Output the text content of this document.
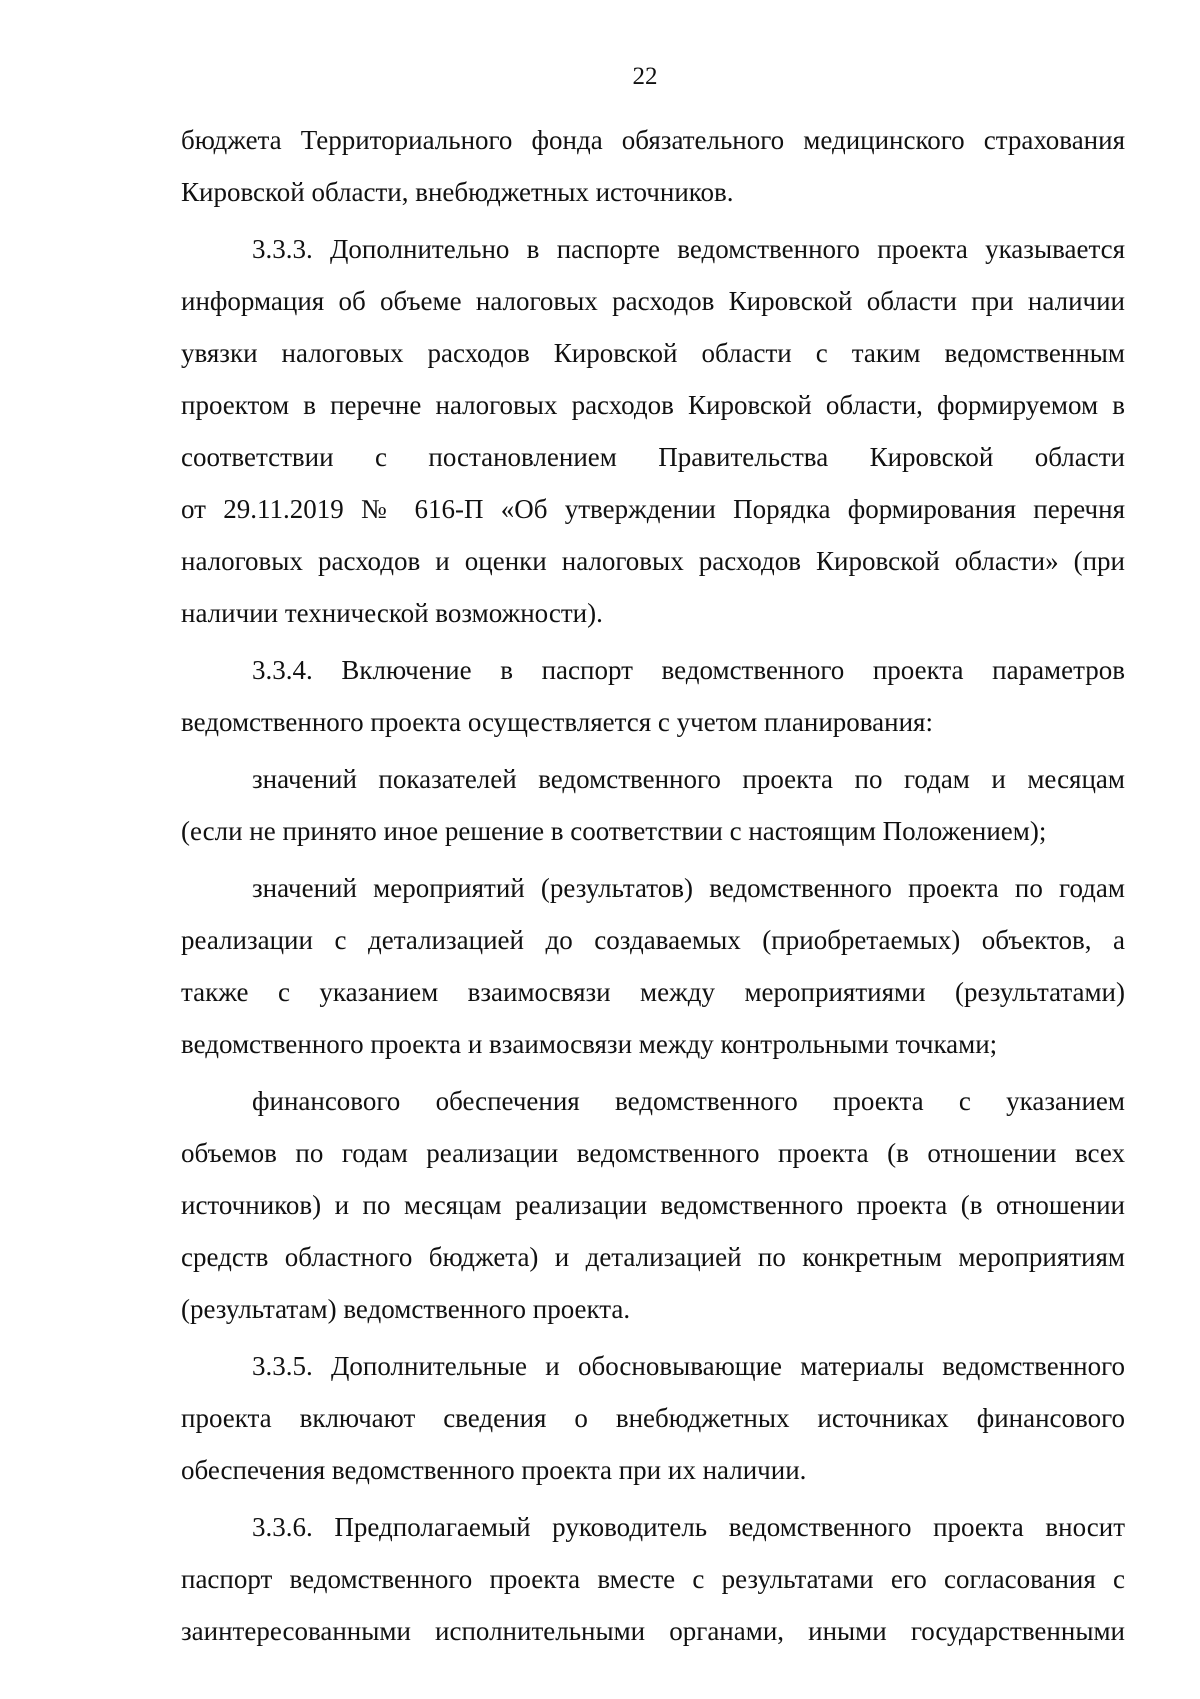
22
бюджета Территориального фонда обязательного медицинского страхования
Кировской области, внебюджетных источников.
3.3.3. Дополнительно в паспорте ведомственного проекта указывается
информация об объеме налоговых расходов Кировской области при наличии
увязки налоговых расходов Кировской области с таким ведомственным
проектом в перечне налоговых расходов Кировской области, формируемом в
соответствии с постановлением Правительства Кировской области
от 29.11.2019 № 616-П «Об утверждении Порядка формирования перечня
налоговых расходов и оценки налоговых расходов Кировской области» (при
наличии технической возможности).
3.3.4. Включение в паспорт ведомственного проекта параметров
ведомственного проекта осуществляется с учетом планирования:
значений показателей ведомственного проекта по годам и месяцам
(если не принято иное решение в соответствии с настоящим Положением);
значений мероприятий (результатов) ведомственного проекта по годам
реализации с детализацией до создаваемых (приобретаемых) объектов, а
также с указанием взаимосвязи между мероприятиями (результатами)
ведомственного проекта и взаимосвязи между контрольными точками;
финансового обеспечения ведомственного проекта с указанием
объемов по годам реализации ведомственного проекта (в отношении всех
источников) и по месяцам реализации ведомственного проекта (в отношении
средств областного бюджета) и детализацией по конкретным мероприятиям
(результатам) ведомственного проекта.
3.3.5. Дополнительные и обосновывающие материалы ведомственного
проекта включают сведения о внебюджетных источниках финансового
обеспечения ведомственного проекта при их наличии.
3.3.6. Предполагаемый руководитель ведомственного проекта вносит
паспорт ведомственного проекта вместе с результатами его согласования с
заинтересованными исполнительными органами, иными государственными
